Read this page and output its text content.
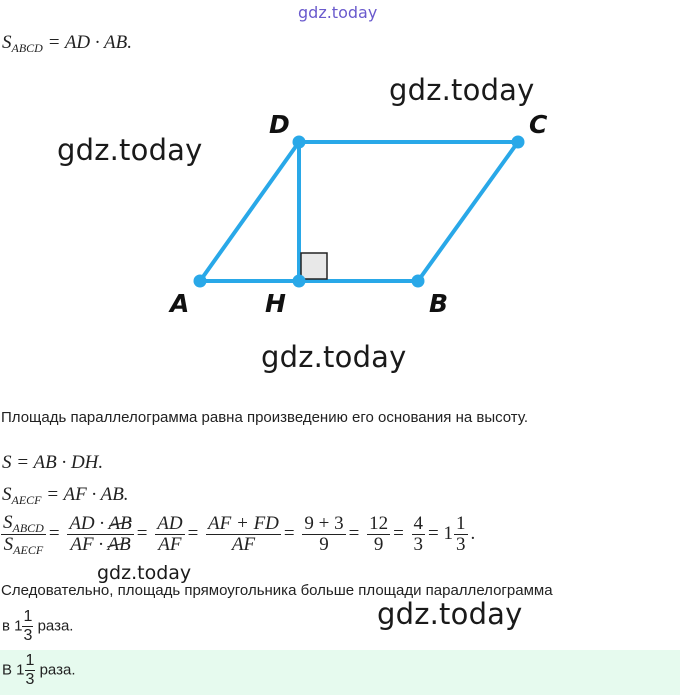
gdz.today
$S_{ABCD}$ = AD · AB.
A	H	B
C
D
gdz.today
gdz.today
gdz.today
Площадь параллелограмма равна произведению его основания на высоту.
S = AB · DH.
$S_{AECF}$ = AF · AB.
$\frac{S_{ABCD}}{S_{AECF}} = \frac{AD \cdot AB}{AF \cdot AB} = \frac{AD}{AF} = \frac{AF + FD}{AF} = \frac{9 + 3}{9} = \frac{12}{9} = \frac{4}{3} = 1 \frac{1}{3}$ .
gdz.today
Следовательно, площадь прямоугольника больше площади параллелограмма
gdz.today
в $1 \frac{1}{3}$ раза.
В $1 \frac{1}{3}$ раза.
